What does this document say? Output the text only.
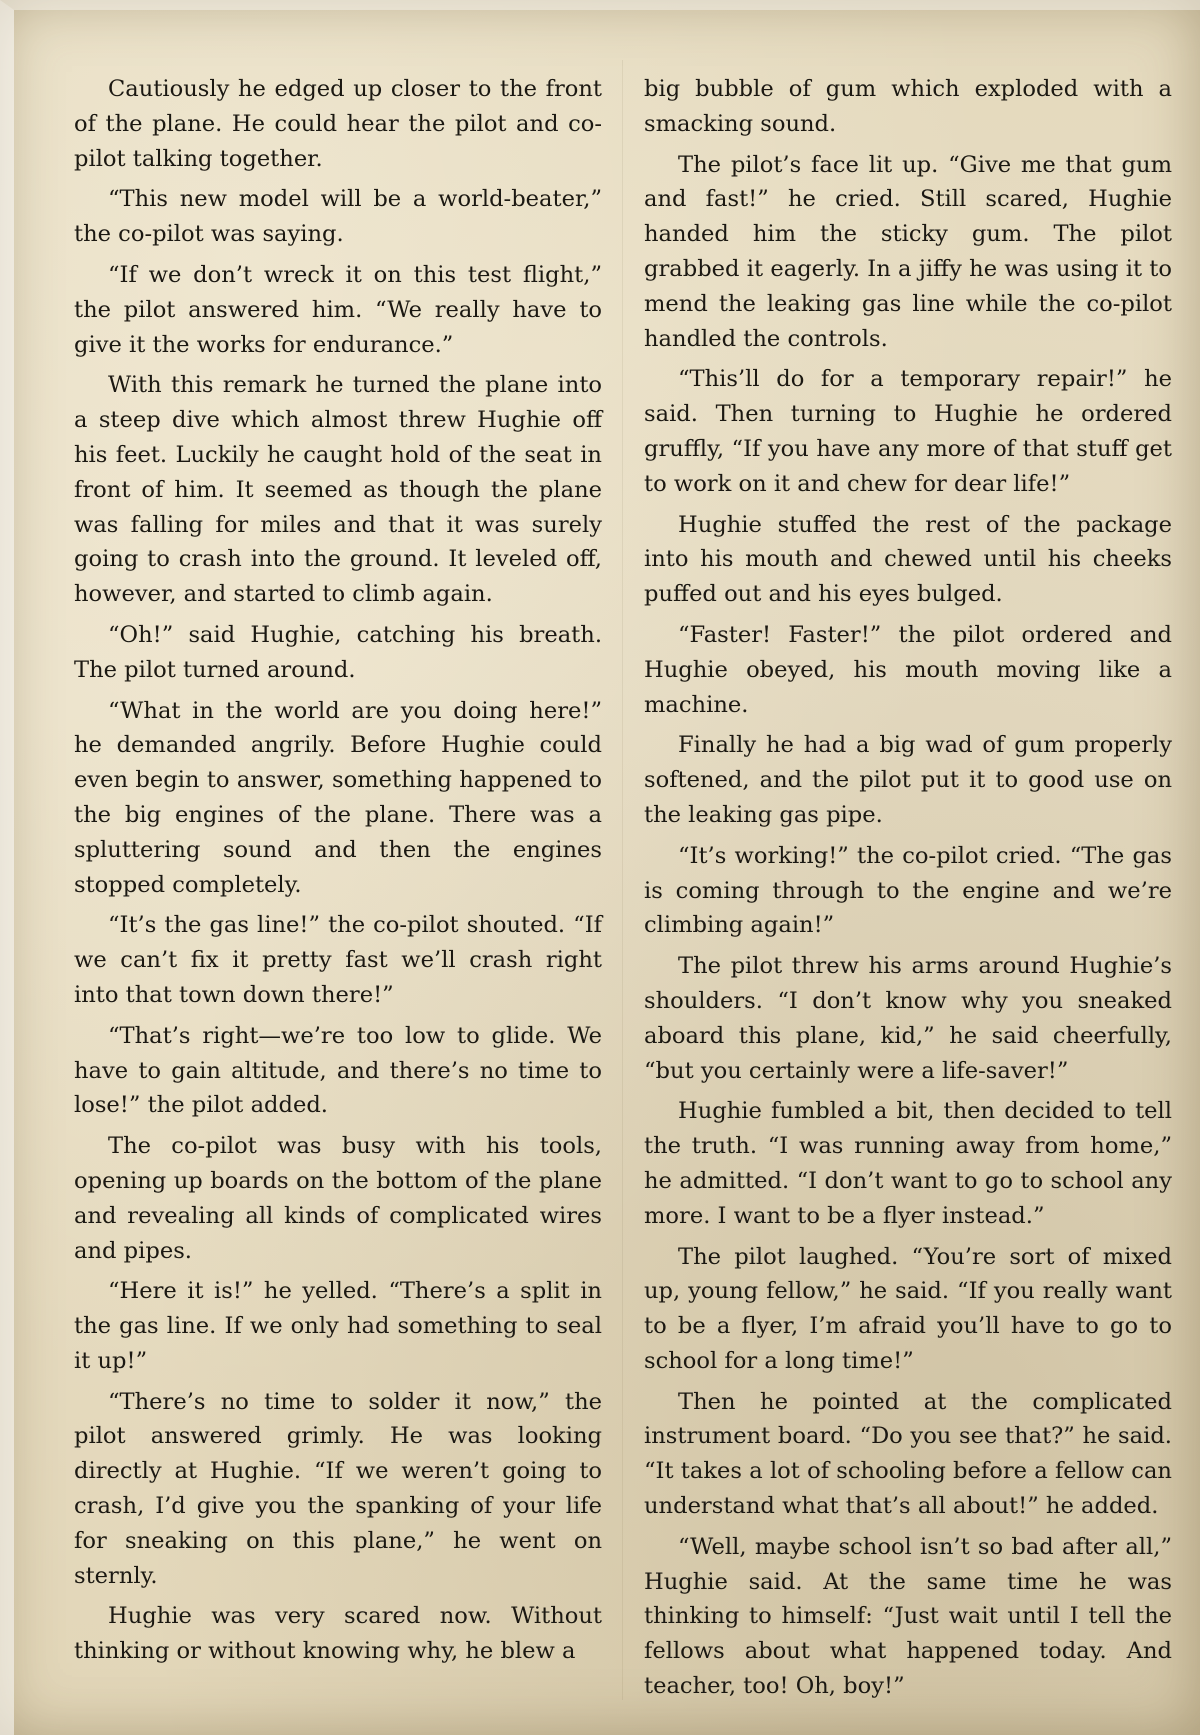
Cautiously he edged up closer to the front of the plane. He could hear the pilot and co-pilot talking together.

“This new model will be a world-beater,” the co-pilot was saying.

“If we don’t wreck it on this test flight,” the pilot answered him. “We really have to give it the works for endurance.”

With this remark he turned the plane into a steep dive which almost threw Hughie off his feet. Luckily he caught hold of the seat in front of him. It seemed as though the plane was falling for miles and that it was surely going to crash into the ground. It leveled off, however, and started to climb again.

“Oh!” said Hughie, catching his breath. The pilot turned around.

“What in the world are you doing here!” he demanded angrily. Before Hughie could even begin to answer, something happened to the big engines of the plane. There was a spluttering sound and then the engines stopped completely.

“It’s the gas line!” the co-pilot shouted. “If we can’t fix it pretty fast we’ll crash right into that town down there!”

“That’s right—we’re too low to glide. We have to gain altitude, and there’s no time to lose!” the pilot added.

The co-pilot was busy with his tools, opening up boards on the bottom of the plane and revealing all kinds of complicated wires and pipes.

“Here it is!” he yelled. “There’s a split in the gas line. If we only had something to seal it up!”

“There’s no time to solder it now,” the pilot answered grimly. He was looking directly at Hughie. “If we weren’t going to crash, I’d give you the spanking of your life for sneaking on this plane,” he went on sternly.

Hughie was very scared now. Without thinking or without knowing why, he blew a

big bubble of gum which exploded with a smacking sound.

The pilot’s face lit up. “Give me that gum and fast!” he cried. Still scared, Hughie handed him the sticky gum. The pilot grabbed it eagerly. In a jiffy he was using it to mend the leaking gas line while the co-pilot handled the controls.

“This’ll do for a temporary repair!” he said. Then turning to Hughie he ordered gruffly, “If you have any more of that stuff get to work on it and chew for dear life!”

Hughie stuffed the rest of the package into his mouth and chewed until his cheeks puffed out and his eyes bulged.

“Faster! Faster!” the pilot ordered and Hughie obeyed, his mouth moving like a machine.

Finally he had a big wad of gum properly softened, and the pilot put it to good use on the leaking gas pipe.

“It’s working!” the co-pilot cried. “The gas is coming through to the engine and we’re climbing again!”

The pilot threw his arms around Hughie’s shoulders. “I don’t know why you sneaked aboard this plane, kid,” he said cheerfully, “but you certainly were a life-saver!”

Hughie fumbled a bit, then decided to tell the truth. “I was running away from home,” he admitted. “I don’t want to go to school any more. I want to be a flyer instead.”

The pilot laughed. “You’re sort of mixed up, young fellow,” he said. “If you really want to be a flyer, I’m afraid you’ll have to go to school for a long time!”

Then he pointed at the complicated instrument board. “Do you see that?” he said. “It takes a lot of schooling before a fellow can understand what that’s all about!” he added.

“Well, maybe school isn’t so bad after all,” Hughie said. At the same time he was thinking to himself: “Just wait until I tell the fellows about what happened today. And teacher, too! Oh, boy!”
